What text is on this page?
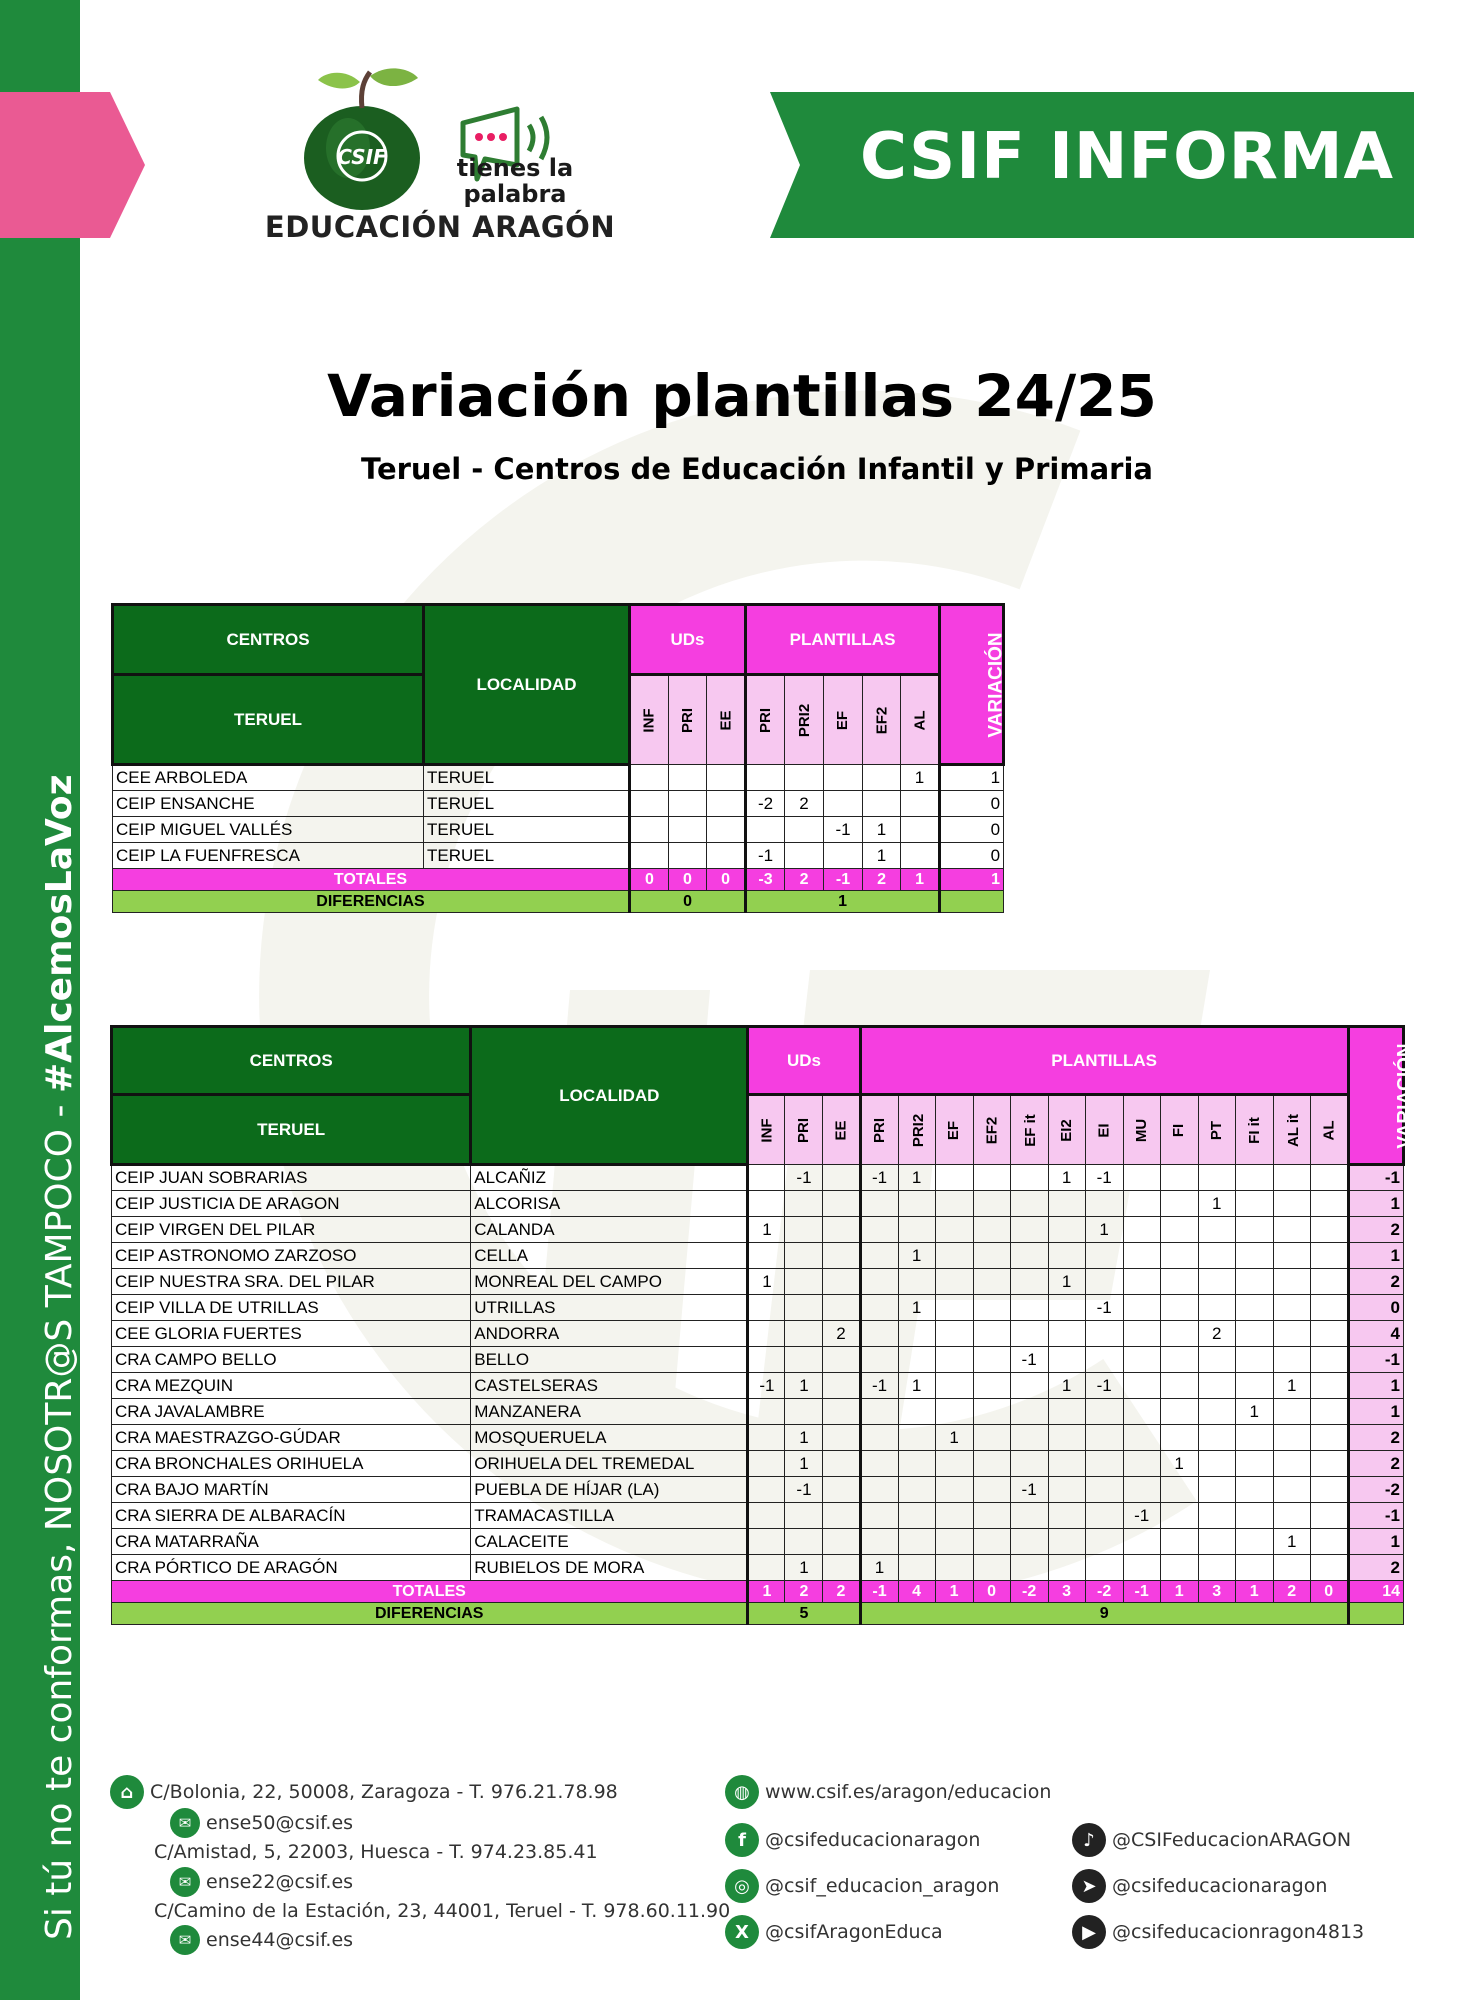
Si tú no te conformas, NOSOTR@S TAMPOCO - #AlcemosLaVoz
CSIF	tienes la
palabra
EDUCACIÓN ARAGÓN
CSIF INFORMA
Variación plantillas 24/25
Teruel - Centros de Educación Infantil y Primaria
CENTROS	LOCALIDAD	UDs			PLANTILLAS					VARIACIÓN
TERUEL		INF	PRI	EE	PRI	PRI2	EF	EF2	AL	
CEE ARBOLEDA	TERUEL								1	1
CEIP ENSANCHE	TERUEL				-2	2				0
CEIP MIGUEL VALLÉS	TERUEL						-1	1		0
CEIP LA FUENFRESCA	TERUEL				-1			1		0
TOTALES		0	0	0	-3	2	-1	2	1	1
DIFERENCIAS		0			1					
CENTROS	LOCALIDAD	UDs			PLANTILLAS													VARIACIÓN
TERUEL		INF	PRI	EE	PRI	PRI2	EF	EF2	EF it	EI2	EI	MU	FI	PT	FI it	AL it	AL	
CEIP JUAN SOBRARIAS	ALCAÑIZ		-1		-1	1				1	-1							-1
CEIP JUSTICIA DE ARAGON	ALCORISA													1				1
CEIP VIRGEN DEL PILAR	CALANDA	1									1							2
CEIP ASTRONOMO ZARZOSO	CELLA					1												1
CEIP NUESTRA SRA. DEL PILAR	MONREAL DEL CAMPO	1								1								2
CEIP VILLA DE UTRILLAS	UTRILLAS					1					-1							0
CEE GLORIA FUERTES	ANDORRA			2										2				4
CRA CAMPO BELLO	BELLO								-1									-1
CRA MEZQUIN	CASTELSERAS	-1	1		-1	1				1	-1					1		1
CRA JAVALAMBRE	MANZANERA														1			1
CRA MAESTRAZGO-GÚDAR	MOSQUERUELA		1				1											2
CRA BRONCHALES ORIHUELA	ORIHUELA DEL TREMEDAL		1										1					2
CRA BAJO MARTÍN	PUEBLA DE HÍJAR (LA)		-1						-1									-2
CRA SIERRA DE ALBARACÍN	TRAMACASTILLA											-1						-1
CRA MATARRAÑA	CALACEITE															1		1
CRA PÓRTICO DE ARAGÓN	RUBIELOS DE MORA		1		1													2
TOTALES		1	2	2	-1	4	1	0	-2	3	-2	-1	1	3	1	2	0	14
DIFERENCIAS		5			9													
⌂ C/Bolonia, 22, 50008, Zaragoza - T. 976.21.78.98
✉ ense50@csif.es
C/Amistad, 5, 22003, Huesca - T. 974.23.85.41
✉ ense22@csif.es
C/Camino de la Estación, 23, 44001, Teruel - T. 978.60.11.90
✉ ense44@csif.es
◍ www.csif.es/aragon/educacion
f	@csifeducacionaragon
◎ @csif_educacion_aragon
X @csifAragonEduca
♪ @CSIFeducacionARAGON
➤ @csifeducacionaragon
▶ @csifeducacionragon4813
